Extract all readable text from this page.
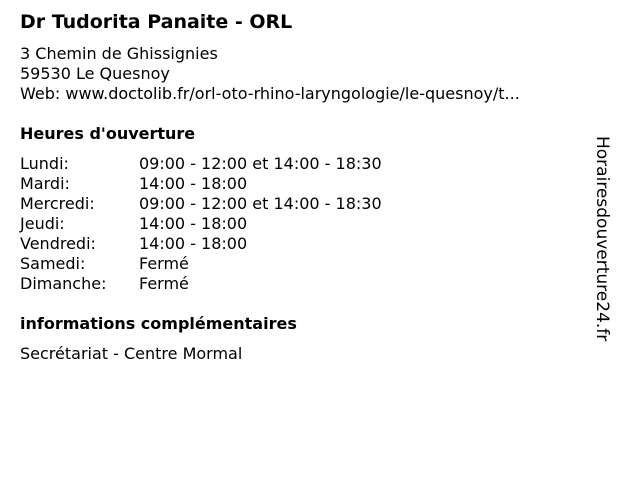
Dr Tudorita Panaite - ORL
3 Chemin de Ghissignies
59530 Le Quesnoy
Web: www.doctolib.fr/orl-oto-rhino-laryngologie/le-quesnoy/t...
Heures d'ouverture
Lundi:	09:00 - 12:00 et 14:00 - 18:30
Mardi:	14:00 - 18:00
Mercredi:	09:00 - 12:00 et 14:00 - 18:30
Jeudi:	14:00 - 18:00
Vendredi:	14:00 - 18:00
Samedi:	Fermé
Dimanche: Fermé
informations complémentaires
Secrétariat - Centre Mormal
Horairesdouverture24.fr
